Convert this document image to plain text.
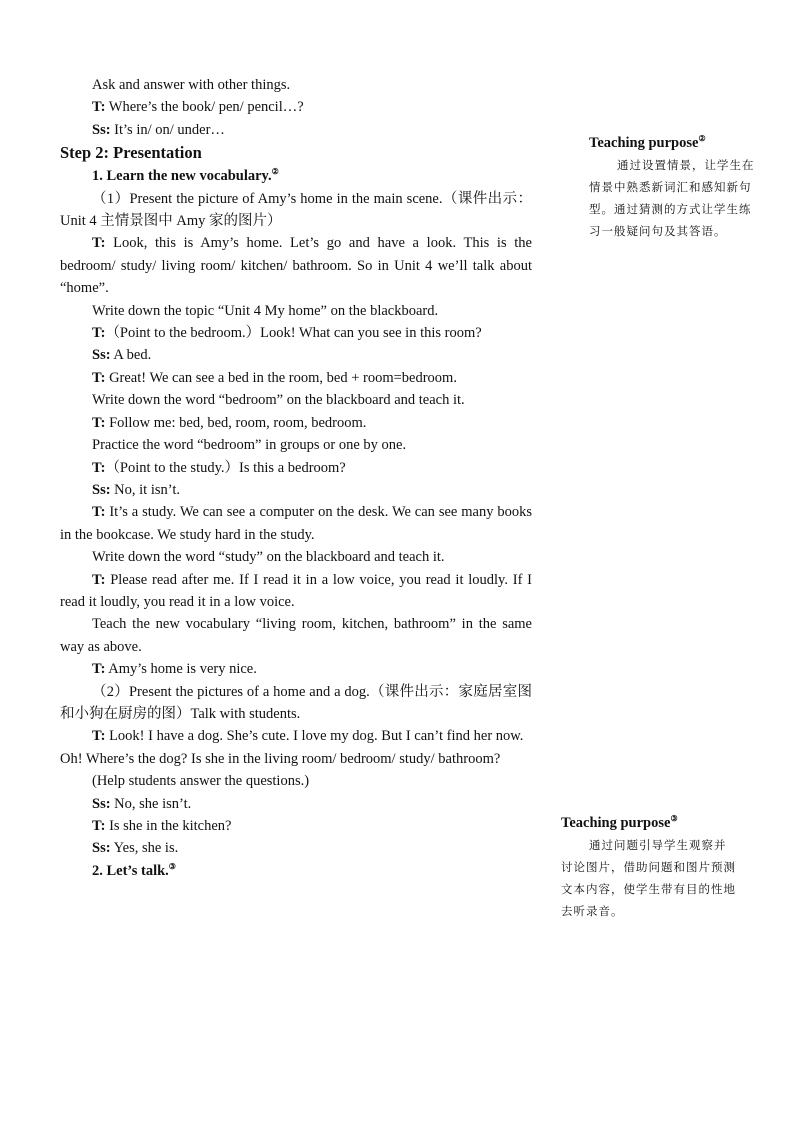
Ask and answer with other things.

T: Where’s the book/ pen/ pencil…?

Ss: It’s in/ on/ under…

Step 2: Presentation

1. Learn the new vocabulary.②

（1）Present the picture of Amy’s home in the main scene.（课件出示：Unit 4 主情景图中 Amy 家的图片）

T: Look, this is Amy’s home. Let’s go and have a look. This is the bedroom/ study/ living room/ kitchen/ bathroom. So in Unit 4 we’ll talk about “home”.

Write down the topic “Unit 4 My home” on the blackboard.

T:（Point to the bedroom.）Look! What can you see in this room?

Ss: A bed.

T: Great! We can see a bed in the room, bed + room=bedroom.

Write down the word “bedroom” on the blackboard and teach it.

T: Follow me: bed, bed, room, room, bedroom.

Practice the word “bedroom” in groups or one by one.

T:（Point to the study.）Is this a bedroom?

Ss: No, it isn’t.

T: It’s a study. We can see a computer on the desk. We can see many books in the bookcase. We study hard in the study.

Write down the word “study” on the blackboard and teach it.

T: Please read after me. If I read it in a low voice, you read it loudly. If I read it loudly, you read it in a low voice.

Teach the new vocabulary “living room, kitchen, bathroom” in the same way as above.

T: Amy’s home is very nice.

（2）Present the pictures of a home and a dog.（课件出示：家庭居室图和小狗在厨房的图）Talk with students.

T: Look! I have a dog. She’s cute. I love my dog. But I can’t find her now. Oh! Where’s the dog? Is she in the living room/ bedroom/ study/ bathroom?

(Help students answer the questions.)

Ss: No, she isn’t.

T: Is she in the kitchen?

Ss: Yes, she is.

2. Let’s talk.③

Teaching purpose②

通过设置情景，让学生在情景中熟悉新词汇和感知新句型。通过猜测的方式让学生练习一般疑问句及其答语。

Teaching purpose③

通过问题引导学生观察并讨论图片，借助问题和图片预测文本内容，使学生带有目的性地去听录音。
